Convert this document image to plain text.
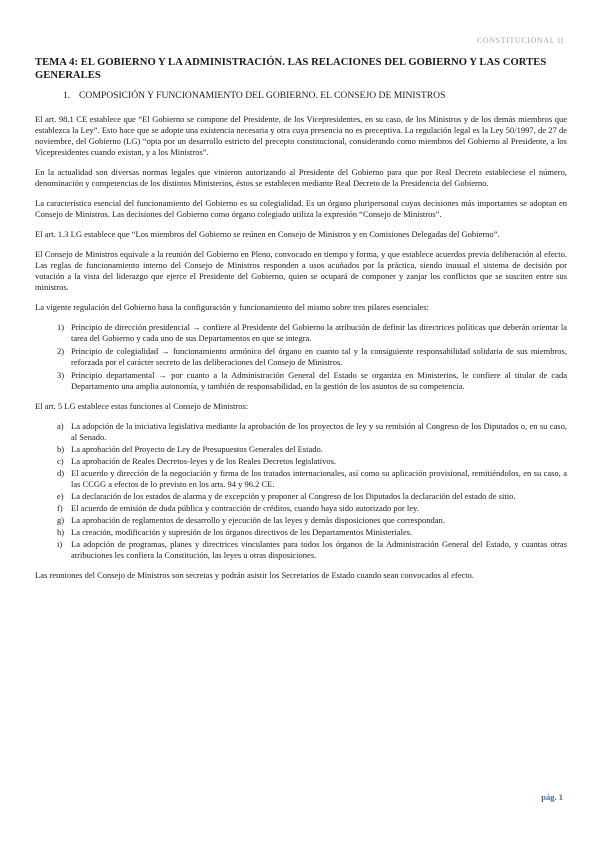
CONSTITUCIONAL II
TEMA 4: EL GOBIERNO Y LA ADMINISTRACIÓN. LAS RELACIONES DEL GOBIERNO Y LAS CORTES GENERALES
1. COMPOSICIÓN Y FUNCIONAMIENTO DEL GOBIERNO. EL CONSEJO DE MINISTROS

El art. 98.1 CE establece que “El Gobierno se compone del Presidente, de los Vicepresidentes, en su caso, de los Ministros y de los demás miembros que establezca la Ley”. Esto hace que se adopte una existencia necesaria y otra cuya presencia no es preceptiva. La regulación legal es la Ley 50/1997, de 27 de noviembre, del Gobierno (LG) “opta por un desarrollo estricto del precepto constitucional, considerando como miembros del Gobierno al Presidente, a los Vicepresidentes cuando existan, y a los Ministros”.

En la actualidad son diversas normas legales que vinieron autorizando al Presidente del Gobierno para que por Real Decreto estableciese el número, denominación y competencias de los distintos Ministerios, éstos se establecen mediante Real Decreto de la Presidencia del Gobierno.

La característica esencial del funcionamiento del Gobierno es su colegialidad. Es un órgano pluripersonal cuyas decisiones más importantes se adoptan en Consejo de Ministros. Las decisiones del Gobierno como órgano colegiado utiliza la expresión “Consejo de Ministros”.

El art. 1.3 LG establece que “Los miembros del Gobierno se reúnen en Consejo de Ministros y en Comisiones Delegadas del Gobierno”.

El Consejo de Ministros equivale a la reunión del Gobierno en Pleno, convocado en tiempo y forma, y que establece acuerdos previa deliberación al efecto. Las reglas de funcionamiento interno del Consejo de Ministros responden a usos acuñados por la práctica, siendo inusual el sistema de decisión por votación a la vista del liderazgo que ejerce el Presidente del Gobierno, quien se ocupará de componer y zanjar los conflictos que se susciten entre sus ministros.

La vigente regulación del Gobierno basa la configuración y funcionamiento del mismo sobre tres pilares esenciales:

1) Principio de dirección presidencial → confiere al Presidente del Gobierno la atribución de definir las directrices políticas que deberán orientar la tarea del Gobierno y cada uno de sus Departamentos en que se integra.
2) Principio de colegialidad → funcionamiento armónico del órgano en cuanto tal y la consiguiente responsabilidad solidaria de sus miembros, reforzada por el carácter secreto de las deliberaciones del Consejo de Ministros.
3) Principio departamental → por cuanto a la Administración General del Estado se organiza en Ministerios, le confiere al titular de cada Departamento una amplia autonomía, y también de responsabilidad, en la gestión de los asuntos de su competencia.

El art. 5 LG establece estas funciones al Consejo de Ministros:

a) La adopción de la iniciativa legislativa mediante la aprobación de los proyectos de ley y su remisión al Congreso de los Diputados o, en su caso, al Senado.
b) La aprobación del Proyecto de Ley de Presupuestos Generales del Estado.
c) La aprobación de Reales Decretos-leyes y de los Reales Decretos legislativos.
d) El acuerdo y dirección de la negociación y firma de los tratados internacionales, así como su aplicación provisional, remitiéndolos, en su caso, a las CCGG a efectos de lo previsto en los arts. 94 y 96.2 CE.
e) La declaración de los estados de alarma y de excepción y proponer al Congreso de los Diputados la declaración del estado de sitio.
f) El acuerdo de emisión de duda pública y contracción de créditos, cuando haya sido autorizado por ley.
g) La aprobación de reglamentos de desarrollo y ejecución de las leyes y demás disposiciones que correspondan.
h) La creación, modificación y supresión de los órganos directivos de los Departamentos Ministeriales.
i) La adopción de programas, planes y directrices vinculantes para todos los órganos de la Administración General del Estado, y cuantas otras atribuciones les confiera la Constitución, las leyes u otras disposiciones.

Las reuniones del Consejo de Ministros son secretas y podrán asistir los Secretarios de Estado cuando sean convocados al efecto.

pág. 1
